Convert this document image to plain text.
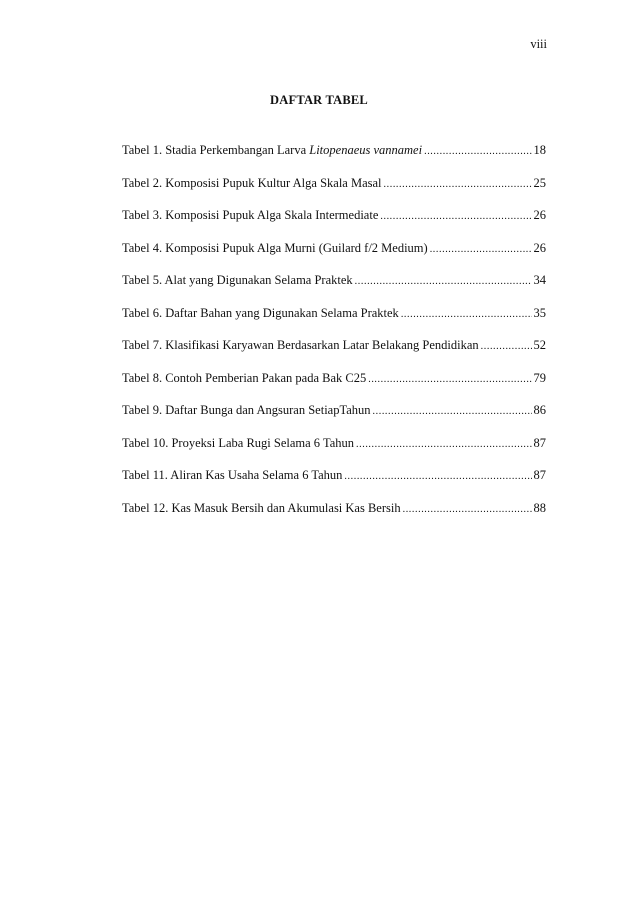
viii
DAFTAR TABEL
Tabel 1. Stadia Perkembangan Larva Litopenaeus vannamei .....	18
Tabel 2. Komposisi Pupuk Kultur Alga Skala Masal .....	25
Tabel 3. Komposisi Pupuk Alga Skala Intermediate .....	26
Tabel 4. Komposisi Pupuk Alga Murni (Guilard f/2 Medium) .....	26
Tabel 5. Alat yang Digunakan Selama Praktek .....	34
Tabel 6. Daftar Bahan yang Digunakan Selama Praktek .....	35
Tabel 7. Klasifikasi Karyawan Berdasarkan Latar Belakang Pendidikan .....	52
Tabel 8. Contoh Pemberian Pakan pada Bak C25 .....	79
Tabel 9. Daftar Bunga dan Angsuran SetiapTahun .....	86
Tabel 10. Proyeksi Laba Rugi Selama 6 Tahun .....	87
Tabel 11. Aliran Kas Usaha Selama 6 Tahun .....	87
Tabel 12. Kas Masuk Bersih dan Akumulasi Kas Bersih .....	88
